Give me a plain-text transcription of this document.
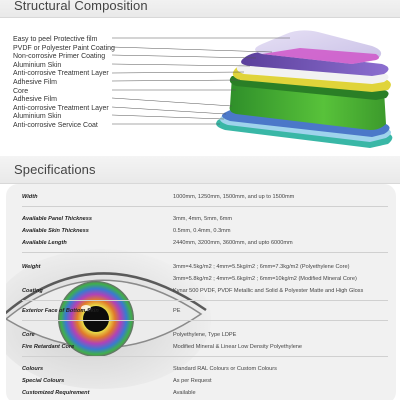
Structural Composition
Easy to peel Protective film
PVDF or Polyester Paint Coating
Non-corrosive Primer Coating
Aluminium Skin
Anti-corrosive Treatment Layer
Adhesive Film
Core
Adhesive Film
Anti-corrosive Treatment Layer
Aluminium Skin
Anti-corrosive Service Coat
Specifications
Width	1000mm, 1250mm, 1500mm, and up to 1500mm
Available Panel Thickness	3mm, 4mm, 5mm, 6mm
Available Skin Thickness	0.5mm, 0.4mm, 0.3mm
Available Length	2440mm, 3200mm, 3600mm, and upto 6000mm
Weight	3mm=4.5kg/m2 ; 4mm=5.5kg/m2 ; 6mm=7.3kg/m2 (Polyethylene Core)
3mm=5.8kg/m2 ; 4mm=5.6kg/m2 ; 6mm=10kg/m2 (Modified Mineral Core)
Coating	Kynar 500 PVDF, PVDF Metallic and Solid & Polyester Matte and High Gloss
Exterior Face of Bottom Skin	PE
Core	Polyethylene, Type LDPE
Fire Retardant Core	Modified Mineral & Linear Low Density Polyethylene
Colours	Standard RAL Colours or Custom Colours
Special Colours	As per Request
Customized Requirement	Available
